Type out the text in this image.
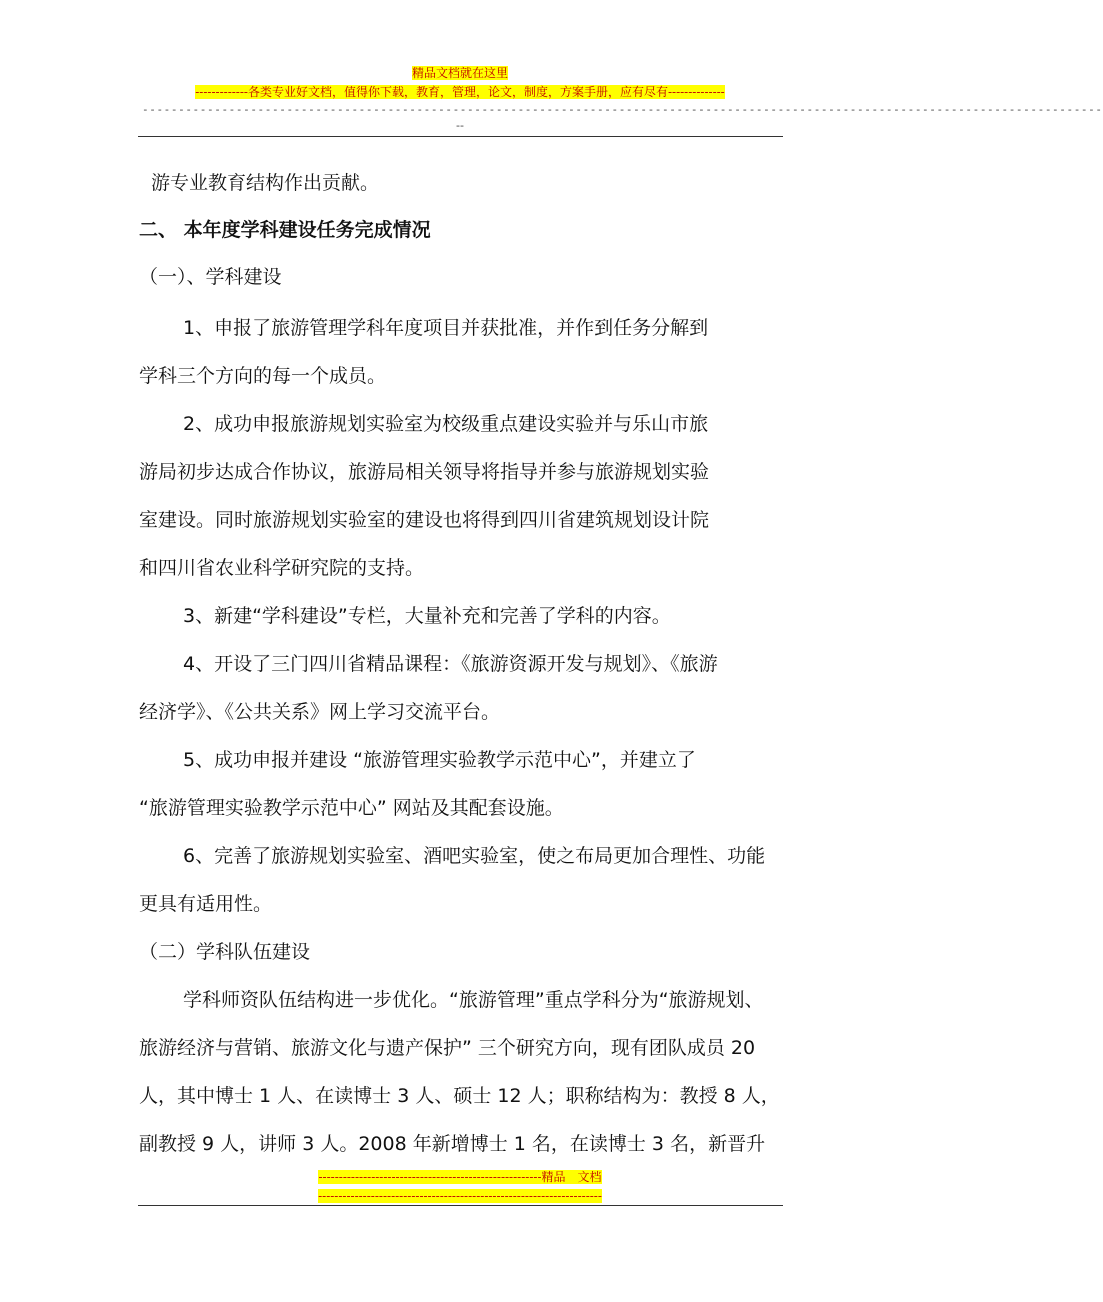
精品文档就在这里
-------------各类专业好文档，值得你下载，教育，管理，论文，制度，方案手册，应有尽有--------------
-------------------------------------------------------------------------------------------------------------------------------------
--
游专业教育结构作出贡献。
二、 本年度学科建设任务完成情况
（一）、学科建设
1、申报了旅游管理学科年度项目并获批准，并作到任务分解到
学科三个方向的每一个成员。
2、成功申报旅游规划实验室为校级重点建设实验并与乐山市旅
游局初步达成合作协议，旅游局相关领导将指导并参与旅游规划实验
室建设。同时旅游规划实验室的建设也将得到四川省建筑规划设计院
和四川省农业科学研究院的支持。
3、新建“学科建设”专栏，大量补充和完善了学科的内容。
4、开设了三门四川省精品课程：《旅游资源开发与规划》、《旅游
经济学》、《公共关系》网上学习交流平台。
5、成功申报并建设 “旅游管理实验教学示范中心”，并建立了
“旅游管理实验教学示范中心” 网站及其配套设施。
6、完善了旅游规划实验室、酒吧实验室，使之布局更加合理性、功能
更具有适用性。
（二）学科队伍建设
学科师资队伍结构进一步优化。“旅游管理”重点学科分为“旅游规划、
旅游经济与营销、旅游文化与遗产保护” 三个研究方向，现有团队成员 20
人，其中博士 1 人、在读博士 3 人、硕士 12 人；职称结构为：教授 8 人，
副教授 9 人，讲师 3 人。2008 年新增博士 1 名，在读博士 3 名，新晋升
-------------------------------------------------------精品　文档
----------------------------------------------------------------------
